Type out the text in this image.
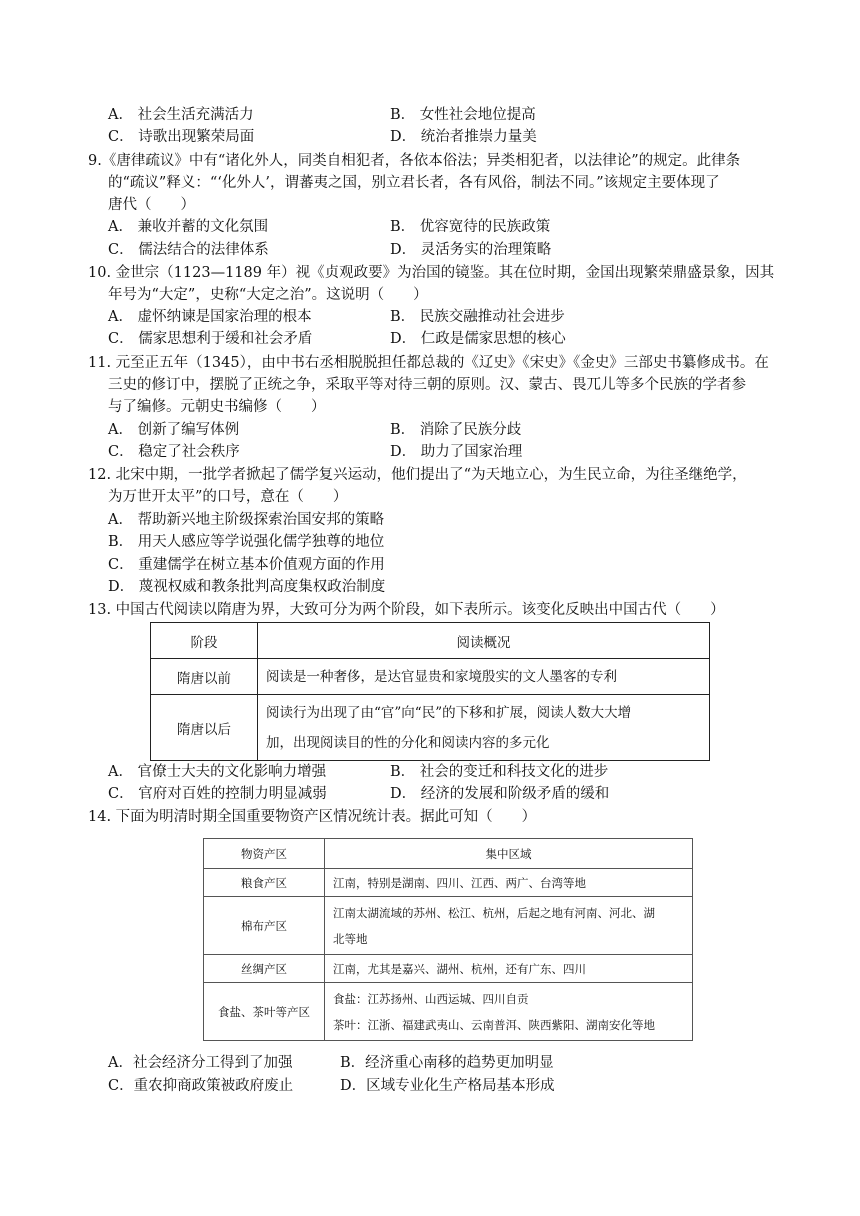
A． 社会生活充满活力	B． 女性社会地位提高
C． 诗歌出现繁荣局面	D． 统治者推崇力量美
9.《唐律疏议》中有“诸化外人，同类自相犯者，各依本俗法；异类相犯者，以法律论”的规定。此律条
的“疏议”释义：“‘化外人’，谓蕃夷之国，别立君长者，各有风俗，制法不同。”该规定主要体现了
唐代（　　）
A． 兼收并蓄的文化氛围	B． 优容宽待的民族政策
C． 儒法结合的法律体系	D． 灵活务实的治理策略
10. 金世宗（1123—1189 年）视《贞观政要》为治国的镜鉴。其在位时期，金国出现繁荣鼎盛景象，因其
年号为“大定”，史称“大定之治”。这说明（　　）
A． 虚怀纳谏是国家治理的根本	B． 民族交融推动社会进步
C． 儒家思想利于缓和社会矛盾	D． 仁政是儒家思想的核心
11. 元至正五年（1345），由中书右丞相脱脱担任都总裁的《辽史》《宋史》《金史》三部史书纂修成书。在
三史的修订中，摆脱了正统之争，采取平等对待三朝的原则。汉、蒙古、畏兀儿等多个民族的学者参
与了编修。元朝史书编修（　　）
A． 创新了编写体例	B． 消除了民族分歧
C． 稳定了社会秩序	D． 助力了国家治理
12. 北宋中期，一批学者掀起了儒学复兴运动，他们提出了“为天地立心，为生民立命，为往圣继绝学，
为万世开太平”的口号，意在（　　）
A． 帮助新兴地主阶级探索治国安邦的策略
B． 用天人感应等学说强化儒学独尊的地位
C． 重建儒学在树立基本价值观方面的作用
D． 蔑视权威和教条批判高度集权政治制度
13. 中国古代阅读以隋唐为界，大致可分为两个阶段，如下表所示。该变化反映出中国古代（　　）
阶段	阅读概况
隋唐以前	阅读是一种奢侈，是达官显贵和家境殷实的文人墨客的专利

隋唐以后	阅读行为出现了由“官”向“民”的下移和扩展，阅读人数大大增
加，出现阅读目的性的分化和阅读内容的多元化
A． 官僚士大夫的文化影响力增强	B． 社会的变迁和科技文化的进步
C． 官府对百姓的控制力明显减弱	D． 经济的发展和阶级矛盾的缓和
14. 下面为明清时期全国重要物资产区情况统计表。据此可知（　　）
物资产区	集中区域
粮食产区	江南，特别是湖南、四川、江西、两广、台湾等地

棉布产区	江南太湖流域的苏州、松江、杭州，后起之地有河南、河北、湖
北等地

丝绸产区	江南，尤其是嘉兴、湖州、杭州，还有广东、四川

食盐、茶叶等产区	食盐：江苏扬州、山西运城、四川自贡
茶叶：江浙、福建武夷山、云南普洱、陕西紫阳、湖南安化等地
A．社会经济分工得到了加强	B．经济重心南移的趋势更加明显
C．重农抑商政策被政府废止	D．区域专业化生产格局基本形成
